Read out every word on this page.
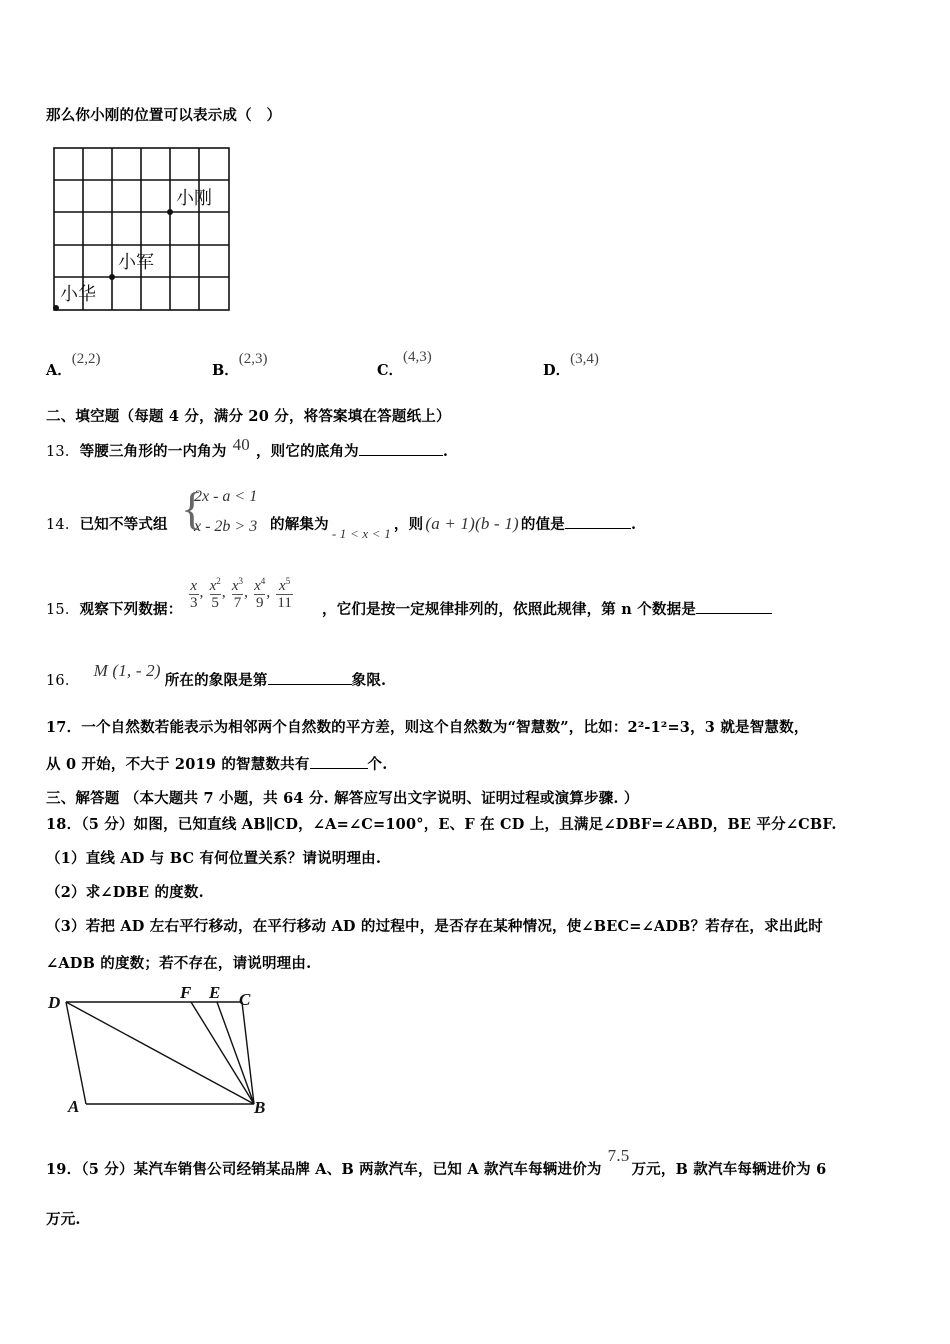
那么你小刚的位置可以表示成（　）
小刚
小军
小华
A．(2,2)
B．(2,3)
C．(4,3)
D．(3,4)
二、填空题（每题 4 分，满分 20 分，将答案填在答题纸上）
13．等腰三角形的一内角为 40 ，则它的底角为	.
14．已知不等式组 {
2x - a < 1
x - 2b > 3 的解集为- 1 < x < 1，则 (a + 1)(b - 1) 的值是	.
15．观察下列数据： $\frac{x}{3}$ , $\frac{x^2}{5}$ , $\frac{x^3}{7}$ , $\frac{x^4}{9}$ , $\frac{x^5}{11}$ ，它们是按一定规律排列的，依照此规律，第 n 个数据是
16．M (1, - 2)所在的象限是第	象限.
17．一个自然数若能表示为相邻两个自然数的平方差，则这个自然数为“智慧数”，比如：2²-1²=3，3 就是智慧数，
从 0 开始，不大于 2019 的智慧数共有	个.
三、解答题 （本大题共 7 小题，共 64 分. 解答应写出文字说明、证明过程或演算步骤. ）
18．（5 分）如图，已知直线 AB∥CD，∠A=∠C=100°，E、F 在 CD 上，且满足∠DBF=∠ABD，BE 平分∠CBF.
（1）直线 AD 与 BC 有何位置关系？请说明理由.
（2）求∠DBE 的度数.
（3）若把 AD 左右平行移动，在平行移动 AD 的过程中，是否存在某种情况，使∠BEC=∠ADB？若存在，求出此时
∠ADB 的度数；若不存在，请说明理由.
D
F E C
A	B
19．（5 分）某汽车销售公司经销某品牌 A、B 两款汽车，已知 A 款汽车每辆进价为7.5万元，B 款汽车每辆进价为 6
万元.
